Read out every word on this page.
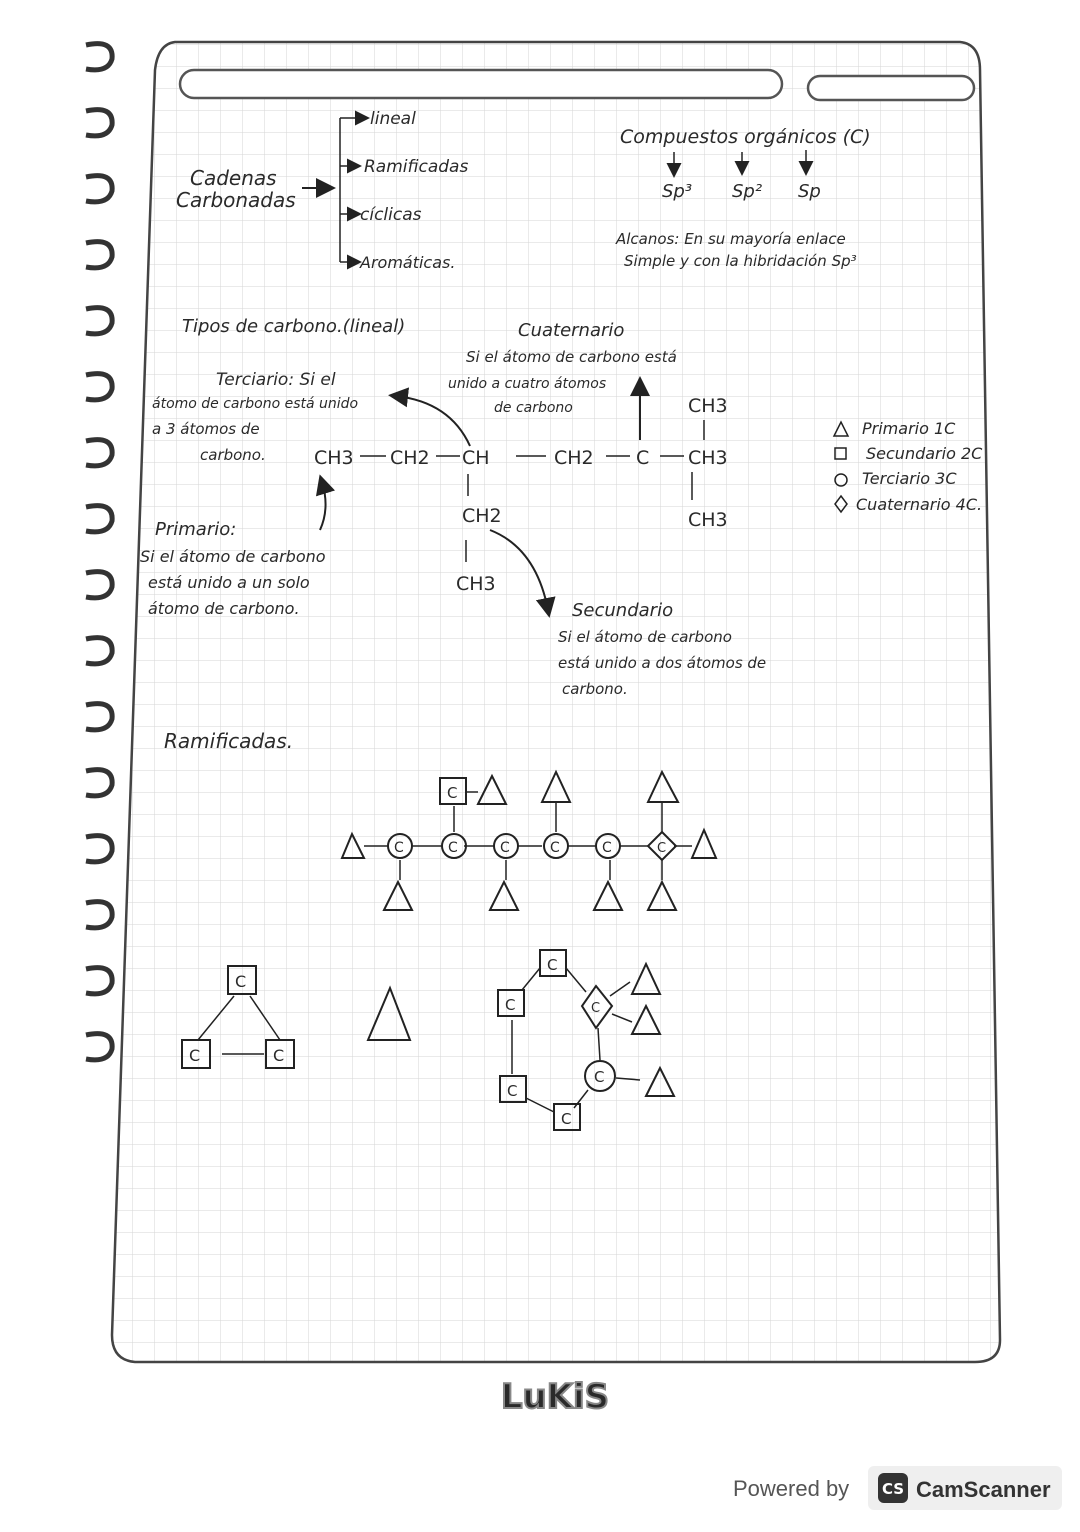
Cadenas
Carbonadas
lineal
Ramificadas
cíclicas
Aromáticas.
Compuestos orgánicos (C)
Sp³ Sp² Sp
Alcanos: En su mayoría enlace
Simple y con la hibridación Sp³
Tipos de carbono.(lineal)
Terciario: Si el
átomo de carbono está unido
a 3 átomos de
carbono.
Cuaternario
Si el átomo de carbono está
unido a cuatro átomos
de carbono
Primario:
Si el átomo de carbono
está unido a un solo
átomo de carbono.	Secundario
Si el átomo de carbono
está unido a dos átomos de
carbono.
CH3 CH2 CH	CH2 C CH3
CH3
CH3
CH2
CH3
Primario 1C
Secundario 2C
Terciario 3C
Cuaternario 4C.
Ramificadas.
C
C	C	C	C	C	C
C
C	C
C
C
C
C
C
C
LuKiS
Powered by CS CamScanner
